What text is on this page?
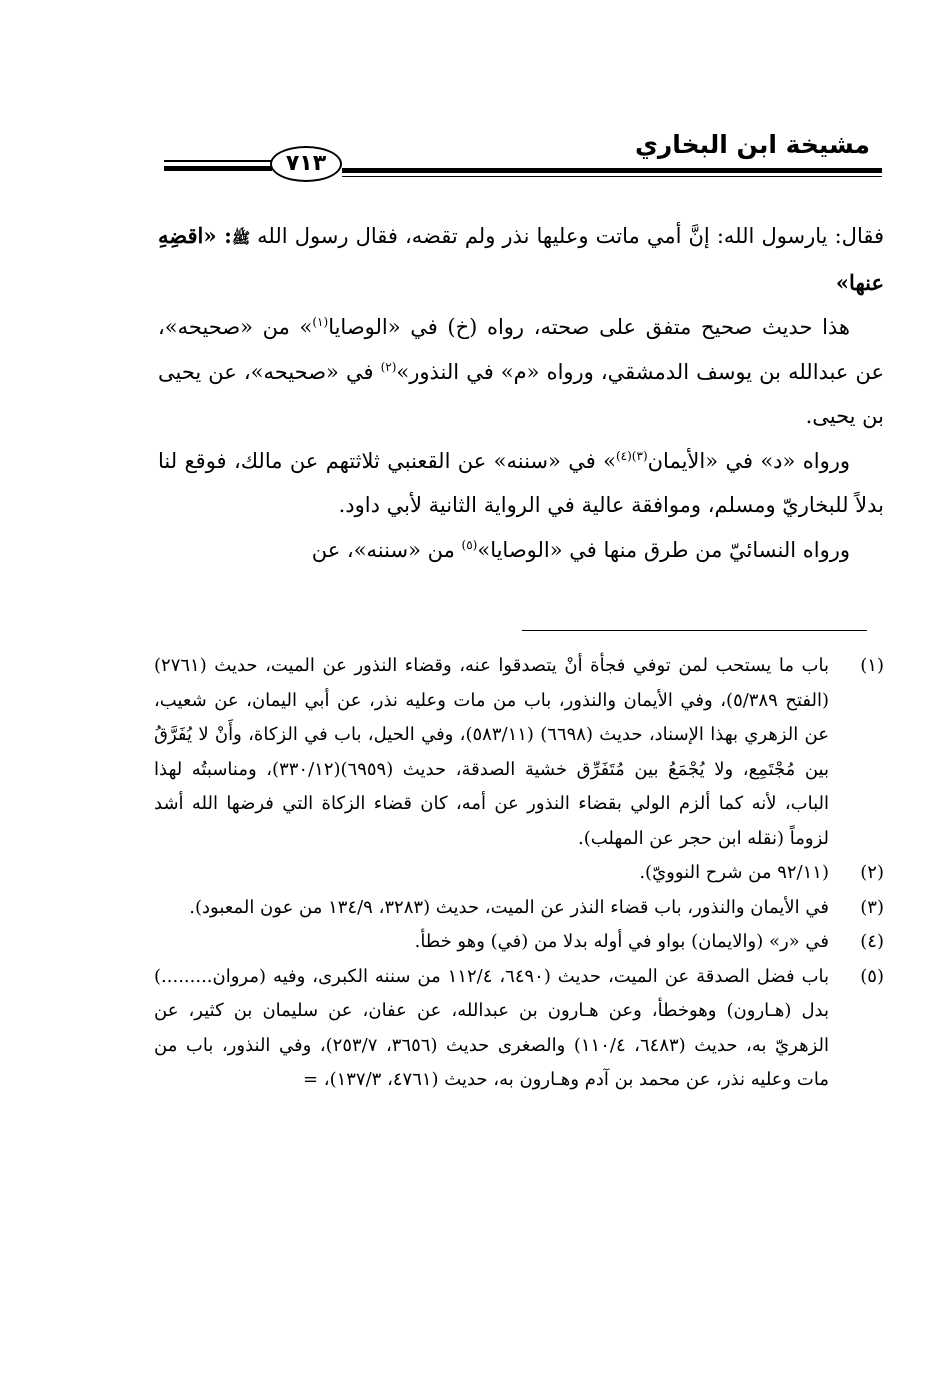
مشيخة ابن البخاري
٧١٣

فقال: يارسول الله: إنَّ أمي ماتت وعليها نذر ولم تقضه، فقال رسول الله ﷺ: «اقضِهِ عنها»

هذا حديث صحيح متفق على صحته، رواه (خ) في «الوصايا$^{(١)}$» من «صحيحه»، عن عبدالله بن يوسف الدمشقي، ورواه «م» في النذور»$^{(٢)}$ في «صحيحه»، عن يحيى بن يحيى.

ورواه «د» في «الأيمان$^{(٣)(٤)}$» في «سننه» عن القعنبي ثلاثتهم عن مالك، فوقع لنا بدلاً للبخاريّ ومسلم، وموافقة عالية في الرواية الثانية لأبي داود.

ورواه النسائيّ من طرق منها في «الوصايا»$^{(٥)}$ من «سننه»، عن

(١)
باب ما يستحب لمن توفي فجأة أنْ يتصدقوا عنه، وقضاء النذور عن الميت، حديث (٢٧٦١) (الفتح ٥/٣٨٩)، وفي الأيمان والنذور، باب من مات وعليه نذر، عن أبي اليمان، عن شعيب، عن الزهري بهذا الإسناد، حديث (٦٦٩٨) (٥٨٣/١١)، وفي الحيل، باب في الزكاة، وأَنْ لا يُفَرَّقُ بين مُجْتَمِع، ولا يُجْمَعُ بين مُتَفَرِّق خشية الصدقة، حديث (٦٩٥٩)(٣٣٠/١٢)، ومناسبتُه لهذا الباب، لأنه كما ألزم الولي بقضاء النذور عن أمه، كان قضاء الزكاة التي فرضها الله أشد لزوماً (نقله ابن حجر عن المهلب).
(٢)
(٩٢/١١ من شرح النوويّ).
(٣)
في الأيمان والنذور، باب قضاء النذر عن الميت، حديث (٣٢٨٣، ١٣٤/٩ من عون المعبود).
(٤)
في «ر» (والايمان) بواو في أوله بدلا من (في) وهو خطأ.
(٥)
باب فضل الصدقة عن الميت، حديث (٦٤٩٠، ١١٢/٤ من سننه الكبرى، وفيه (مروان.........) بدل (هـارون) وهوخطأ، وعن هـارون بن عبدالله، عن عفان، عن سليمان بن كثير، عن الزهريّ به، حديث (٦٤٨٣، ١١٠/٤) والصغرى حديث (٣٦٥٦، ٢٥٣/٧)، وفي النذور، باب من مات وعليه نذر، عن محمد بن آدم وهـارون به، حديث (٤٧٦١، ١٣٧/٣)، =
